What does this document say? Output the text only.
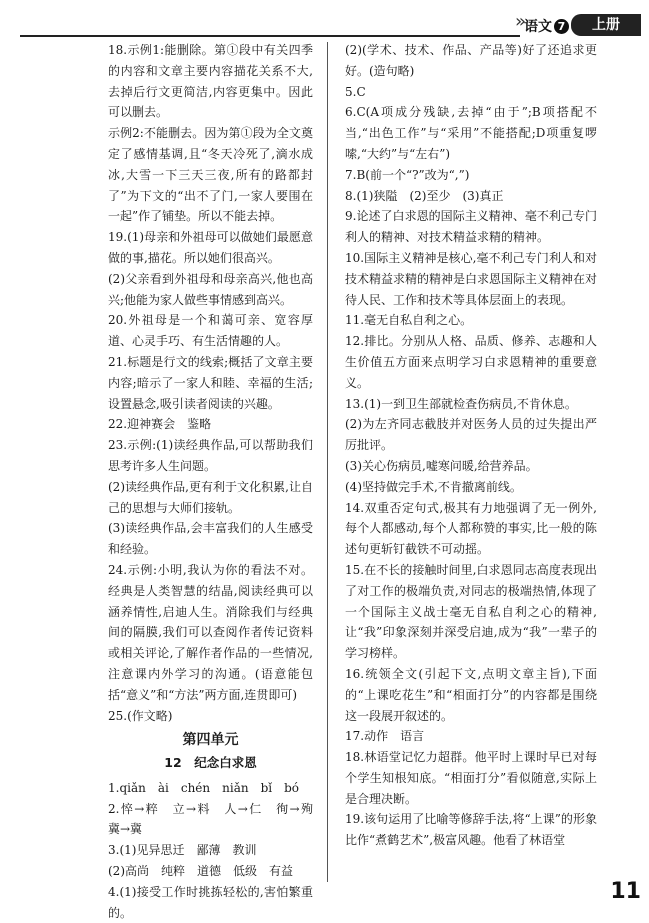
» 语文 7	上册

18.示例1:能删除。第①段中有关四季的内容和文章主要内容描花关系不大,去掉后行文更简洁,内容更集中。因此可以删去。

示例2:不能删去。因为第①段为全文奠定了感情基调,且“冬天冷死了,滴水成冰,大雪一下三天三夜,所有的路都封了”为下文的“出不了门,一家人要围在一起”作了铺垫。所以不能去掉。

19.(1)母亲和外祖母可以做她们最愿意做的事,描花。所以她们很高兴。

(2)父亲看到外祖母和母亲高兴,他也高兴;他能为家人做些事情感到高兴。

20.外祖母是一个和蔼可亲、宽容厚道、心灵手巧、有生活情趣的人。

21.标题是行文的线索;概括了文章主要内容;暗示了一家人和睦、幸福的生活;设置悬念,吸引读者阅读的兴趣。

22.迎神赛会　鉴略

23.示例:(1)读经典作品,可以帮助我们思考许多人生问题。

(2)读经典作品,更有利于文化积累,让自己的思想与大师们接轨。

(3)读经典作品,会丰富我们的人生感受和经验。

24.示例:小明,我认为你的看法不对。经典是人类智慧的结晶,阅读经典可以涵养情性,启迪人生。消除我们与经典间的隔膜,我们可以查阅作者传记资料或相关评论,了解作者作品的一些情况,注意课内外学习的沟通。(语意能包括“意义”和“方法”两方面,连贯即可)

25.(作文略)

第四单元
12　纪念白求恩

1.qiǎn　ài　chén　niǎn　bǐ　bó

2.悴→粹　立→料　人→仁　徇→殉　冀→冀

3.(1)见异思迁　鄙薄　教训

(2)高尚　纯粹　道德　低级　有益

4.(1)接受工作时挑拣轻松的,害怕繁重的。

(2)(学术、技术、作品、产品等)好了还追求更好。(造句略)

5.C

6.C(A项成分残缺,去掉“由于”;B项搭配不当,“出色工作”与“采用”不能搭配;D项重复啰嗦,“大约”与“左右”)

7.B(前一个“?”改为“,”)

8.(1)狭隘　(2)至少　(3)真正

9.论述了白求恩的国际主义精神、毫不利己专门利人的精神、对技术精益求精的精神。

10.国际主义精神是核心,毫不利己专门利人和对技术精益求精的精神是白求恩国际主义精神在对待人民、工作和技术等具体层面上的表现。

11.毫无自私自利之心。

12.排比。分别从人格、品质、修养、志趣和人生价值五方面来点明学习白求恩精神的重要意义。

13.(1)一到卫生部就检查伤病员,不肯休息。

(2)为左齐同志截肢并对医务人员的过失提出严厉批评。

(3)关心伤病员,嘘寒问暖,给营养品。

(4)坚持做完手术,不肯撤离前线。

14.双重否定句式,极其有力地强调了无一例外,每个人都感动,每个人都称赞的事实,比一般的陈述句更斩钉截铁不可动摇。

15.在不长的接触时间里,白求恩同志高度表现出了对工作的极端负责,对同志的极端热情,体现了一个国际主义战士毫无自私自利之心的精神,让“我”印象深刻并深受启迪,成为“我”一辈子的学习榜样。

16.统领全文(引起下文,点明文章主旨),下面的“上课吃花生”和“相面打分”的内容都是围绕这一段展开叙述的。

17.动作　语言

18.林语堂记忆力超群。他平时上课时早已对每个学生知根知底。“相面打分”看似随意,实际上是合理决断。

19.该句运用了比喻等修辞手法,将“上课”的形象比作“煮鹤艺术”,极富风趣。他看了林语堂

11
